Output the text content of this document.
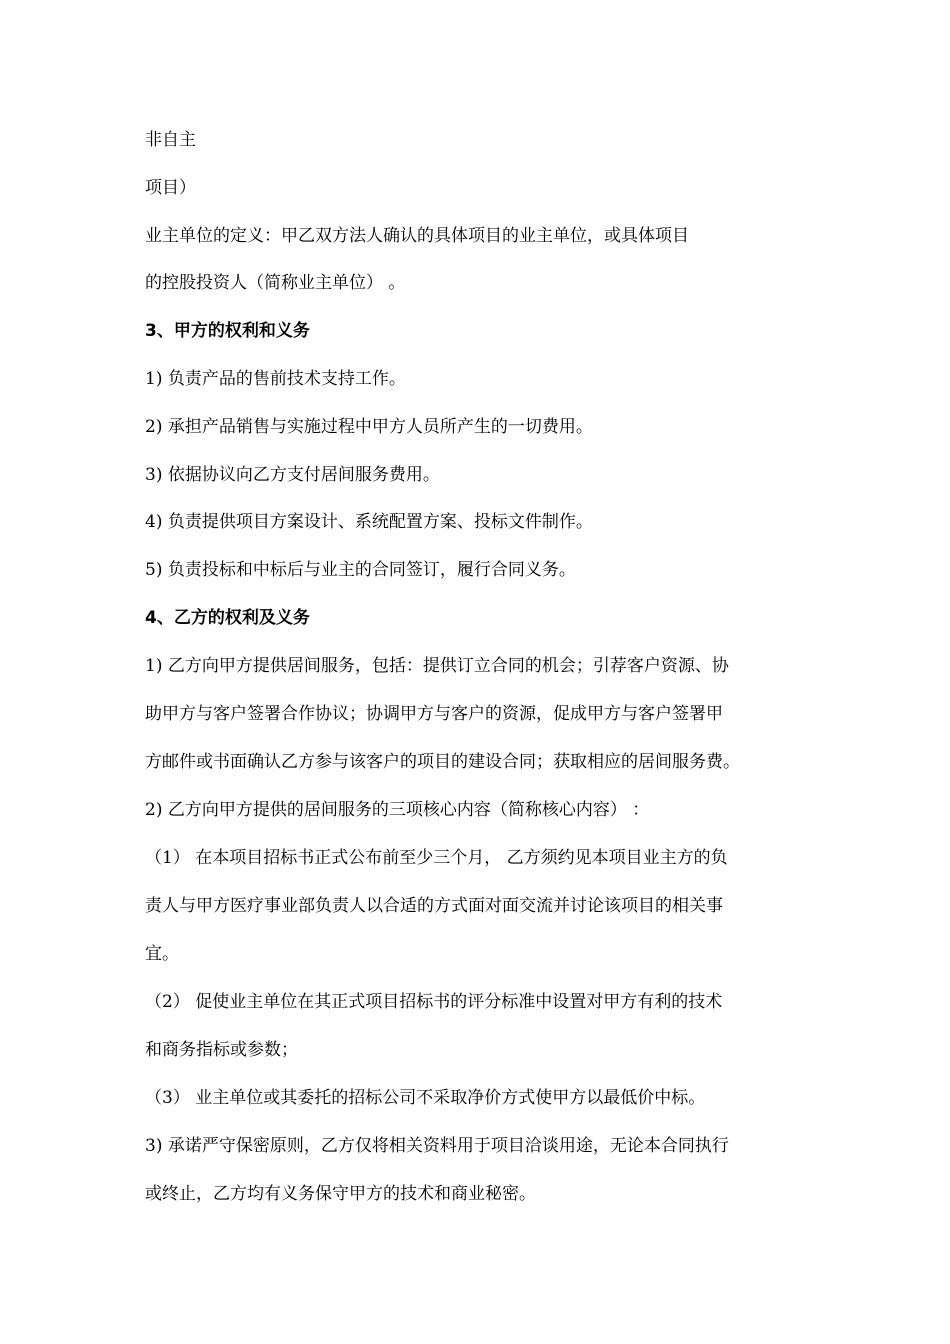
非自主
项目）
业主单位的定义：甲乙双方法人确认的具体项目的业主单位，或具体项目
的控股投资人（简称业主单位） 。
3、甲方的权利和义务
1) 负责产品的售前技术支持工作。
2) 承担产品销售与实施过程中甲方人员所产生的一切费用。
3) 依据协议向乙方支付居间服务费用。
4) 负责提供项目方案设计、系统配置方案、投标文件制作。
5) 负责投标和中标后与业主的合同签订，履行合同义务。
4、乙方的权利及义务
1) 乙方向甲方提供居间服务，包括：提供订立合同的机会；引荐客户资源、协
助甲方与客户签署合作协议；协调甲方与客户的资源，促成甲方与客户签署甲
方邮件或书面确认乙方参与该客户的项目的建设合同；获取相应的居间服务费。
2) 乙方向甲方提供的居间服务的三项核心内容（简称核心内容） ：
（1） 在本项目招标书正式公布前至少三个月， 乙方须约见本项目业主方的负
责人与甲方医疗事业部负责人以合适的方式面对面交流并讨论该项目的相关事
宜。
（2） 促使业主单位在其正式项目招标书的评分标准中设置对甲方有利的技术
和商务指标或参数；
（3） 业主单位或其委托的招标公司不采取净价方式使甲方以最低价中标。
3) 承诺严守保密原则，乙方仅将相关资料用于项目洽谈用途，无论本合同执行
或终止，乙方均有义务保守甲方的技术和商业秘密。
